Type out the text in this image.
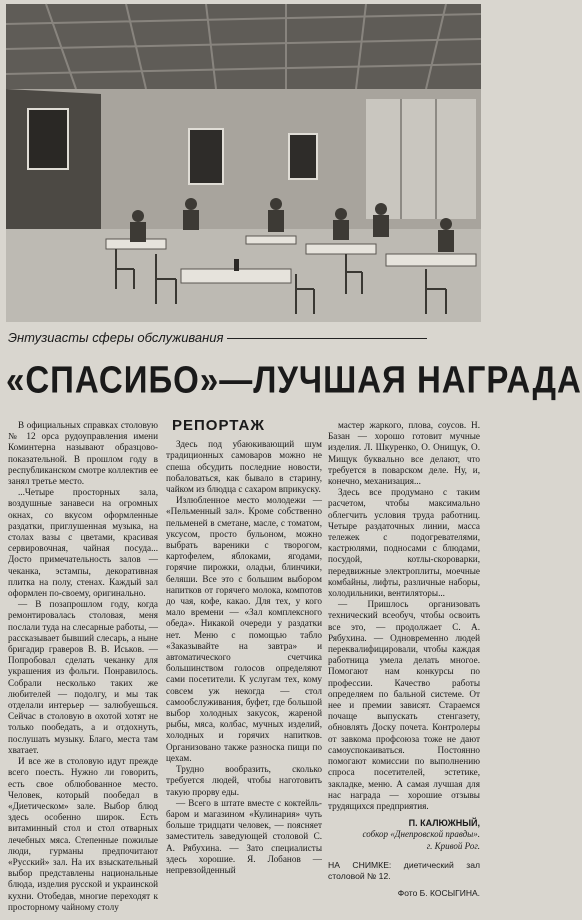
Энтузиасты сферы обслуживания
«СПАСИБО»—ЛУЧШАЯ НАГРАДА

В официальных справках столовую № 12 орса рудоуправления имени Коминтерна называют образцово-показательной. В прошлом году в республиканском смотре коллектив ее занял третье место.

...Четыре просторных зала, воздушные занавеси на огромных окнах, со вкусом оформленные раздатки, приглушенная музыка, на столах вазы с цветами, красивая сервировочная, чайная посуда... Досто примечательность залов — чеканка, эстампы, декоративная плитка на полу, стенах. Каждый зал оформлен по-своему, оригинально.

— В позапрошлом году, когда ремонтировалась столовая, меня послали туда на слесарные работы, — рассказывает бывший слесарь, а ныне бригадир граверов В. В. Иськов. — Попробовал сделать чеканку для украшения из фольги. Понравилось. Собрали несколько таких же любителей — подолгу, и мы так отделали интерьер — залюбуешься. Сейчас в столовую в охотой хотят не только пообедать, а и отдохнуть, послушать музыку. Благо, места там хватает.

И все же в столовую идут прежде всего поесть. Нужно ли говорить, есть свое облюбованное место. Человек, который пообедал в «Диетическом» зале. Выбор блюд здесь особенно широк. Есть витаминный стол и стол отварных лечебных мяса. Степенные пожилые люди, гурманы предпочитают «Русский» зал. На их взыскательный выбор представлены национальные блюда, изделия русской и украинской кухни. Отобедав, многие переходят к просторному чайному столу

РЕПОРТАЖ

Здесь под убаюкивающий шум традиционных самоваров можно не спеша обсудить последние новости, побаловаться, как бывало в старину, чайком из блюдца с сахаром вприкуску.

Излюбленное место молодежи — «Пельменный зал». Кроме собственно пельменей в сметане, масле, с томатом, уксусом, просто бульоном, можно выбрать вареники с творогом, картофелем, яблоками, ягодами, горячие пирожки, оладьи, блинчики, беляши. Все это с большим выбором напитков от горячего молока, компотов до чая, кофе, какао. Для тех, у кого мало времени — «Зал комплексного обеда». Никакой очереди у раздатки нет. Меню с помощью табло «Заказывайте на завтра» и автоматического счетчика большинством голосов определяют сами посетители. К услугам тех, кому совсем уж некогда — стол самообслуживания, буфет, где большой выбор холодных закусок, жареной рыбы, мяса, колбас, мучных изделий, холодных и горячих напитков. Организовано также разноска пищи по цехам.

Трудно вообразить, сколько требуется людей, чтобы наготовить такую прорву еды.

— Всего в штате вместе с коктейль-баром и магазином «Кулинария» чуть больше тридцати человек, — поясняет заместитель заведующей столовой С. А. Рябухина. — Зато специалисты здесь хорошие. Я. Лобанов — непревзойденный

мастер жаркого, плова, соусов. Н. Базан — хорошо готовит мучные изделия. Л. Шкуренко, О. Онищук, О. Мищук буквально все делают, что требуется в поварском деле. Ну, и, конечно, механизация...

Здесь все продумано с таким расчетом, чтобы максимально облегчить условия труда работниц. Четыре раздаточных линии, масса тележек с подогревателями, кастрюлями, подносами с блюдами, посудой, котлы-скороварки, передвижные электроплиты, моечные комбайны, лифты, различные наборы, холодильники, вентиляторы...

— Пришлось организовать технический всеобуч, чтобы освоить все это, — продолжает С. А. Рябухина. — Одновременно людей переквалифицировали, чтобы каждая работница умела делать многое. Помогают нам конкурсы по профессии. Качество работы определяем по бальной системе. От нее и премии зависят. Стараемся почаще выпускать стенгазету, обновлять Доску почета. Контролеры от завкома профсоюза тоже не дают самоуспокаиваться. Постоянно помогают комиссии по выполнению спроса посетителей, эстетике, закладке, меню. А самая лучшая для нас награда — хорошие отзывы трудящихся предприятия.

П. КАЛЮЖНЫЙ,
собкор «Днепровской правды».
г. Кривой Рог.
НА СНИМКЕ: диетический зал столовой № 12.
Фото Б. КОСЫГИНА.
